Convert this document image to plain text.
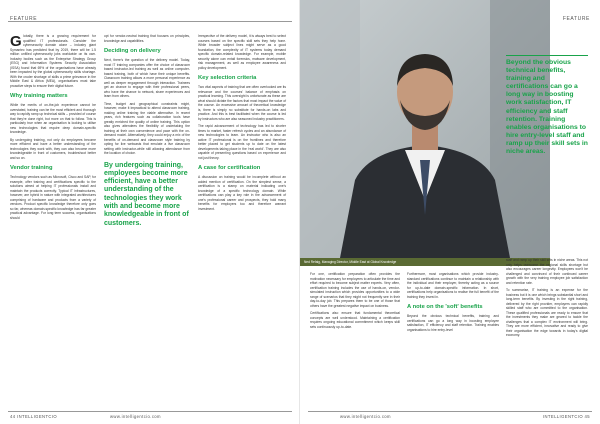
FEATURE

Globally, there is a growing requirement for qualified IT professionals. Consider the cybersecurity domain alone – industry giant Symantec has predicted that by 2019, there will be 1.5 million unfilled cybersecurity jobs worldwide on its own. Industry bodies such as the Enterprise Strategy Group (ESG) and Information Systems Security Association (ISSA) found that 69% of the organisations have already been impacted by the global cybersecurity skills shortage. With the cruder shortage of skills a prime grievance in the Middle East & Africa (MEA), organisations must take proactive steps to ensure their digital future.

Why training matters

While the merits of on-the-job experience cannot be overstated, training can be the most efficient and thorough way to rapidly ramp up technical skills – provided of course that they're done right, but more on that to follow. This is particularly true when an organisation is looking to utilise new technologies that require deep domain-specific knowledge.

By undergoing training, not only do employees become more efficient and have a better understanding of the technologies they work with, they can also become more knowledgeable in front of customers, troubleshoot better and so on.

Vendor training

Technology vendors such as Microsoft, Cisco and SAP, for example, offer training and certifications specific to the solutions aimed at helping IT professionals install and maintain the products correctly. Typical IT infrastructures, however, are hybrid in nature with integrated architectures comprising of hardware and products from a variety of vendors. Product specific knowledge therefore only goes so far, whereas domain-specific knowledge has far greater practical advantage. For long term success, organisations should

opt for vendor-neutral training that focuses on principles, knowledge and capabilities.

Deciding on delivery

Next, there's the question of the delivery model. Today, most IT training companies offer the choice of classroom based instructor-led training as well as online computer-based training, both of which have their unique benefits. Classroom training allows a more personal experience as well as deeper engagement through interaction. Trainees get an chance to engage with their professional peers, who have the chance to network, share experiences and learn from others.

Time, budget and geographical constraints might, however, make it impractical to attend classroom training, making online training the viable alternative. In recent years, rich features such as collaboration tools have greatly enriched the quality of online training. This option also gives attendees the flexibility of undertaking the training at their own convenience and pace with the on-demand model. Alternatively, they could enjoy a mix of the benefits of on-demand and classroom style training by opting for live webcasts that emulate a live classroom setting with instructor-while still allowing attendance from the location of choice.

By undergoing training, employees become more efficient, have a better understanding of the technologies they work with and become more knowledgeable in front of customers.

Irrespective of the delivery model, it is always best to select courses based on the specific skill sets they help hone. While broader subject lines might serve as a good foundation, the complexity of IT systems today demand specific domain-related knowledge. For example, mobile security alone can entail forensics, malware development, risk management, as well as employee awareness and policy development.

Key selection criteria

Two vital aspects of training that are often overlooked are its relevance and the courses' balance of emphasis on practical learning. This oversight is unfortunate as these are what should dictate the factors that most impact the value of the course. An excessive amount of theoretical knowledge is, there is simply no substitute for hands-on labs and practice. And this is best facilitated when the course is led by instructors who are also seasoned industry practitioners.

The rapid advancement of technology has led to shorter times to market, faster refresh cycles and an abundance of new technologies to learn. An instructor who is also an active IT professional is on the frontlines and therefore better placed to get students up to date on the latest developments taking place in the 'real world'. They are also capable of presenting questions based on experience and not just theory.

A case for certification

A discussion on training would be incomplete without an added mention of certification. On the simplest sense, a certification is a stamp on material indicating one's knowledge of a specific technology domain. While certifications can play a key role in the advancement of one's professional career and prospects, they hold many benefits for employers too and therefore warrant investment.

44 INTELLIGENTCIO	www.intelligentcio.com
Ned Refaig, Managing Director, Middle East at Global Knowledge
FEATURE
Beyond the obvious technical benefits, training and certifications can go a long way in boosting work satisfaction, IT efficiency and staff retention. Training enables organisations to hire entry-level staff and ramp up their skill sets in niche areas.

staff and ramp up their skill sets in niche areas. This not only helps overcome the regional skills shortage but also encourages career longevity. Employees won't be challenged and convinced of their continued career growth with the very training employee job satisfaction and retention rate.

To summarise, IT training is an expense for the business but it is one which brings substantial short and long-term benefits. By investing in the right training, delivered by the right provider, employers can rapidly skilled staff who are committed to the organisation. These qualified professionals are ready to ensure that the investments they make are geared to tackle the challenges that a complex IT environment will bring. They are more efficient, innovative and ready to give their organisation the edge towards in today's digital economy.

For one, certification preparation often provides the motivation necessary for employees to articulate the time and effort required to become subject matter experts. Very often, certification training includes the use of hands-on, vendor-simulated instruction which provides opportunities to a wide range of scenarios that they might not frequently see in their day-to-day job. This prepares them to be one of those that others have the greatest negative impact on business.

Certifications also ensure that fundamental theoretical concepts are well understood. Maintaining a certification requires ongoing educational commitment which keeps skill sets continuously up-to-date.

Furthermore, most organisations which provide industry-standard certifications continue to maintain a relationship with the individual and their employer, thereby acting as a source for up-to-date domain-specific information. In short, certifications help organisations to realise the full benefit of the training they invest in.

A note on the 'soft' benefits

Beyond the obvious technical benefits, training and certifications can go a long way in boosting employee satisfaction, IT efficiency and staff retention. Training enables organisations to hire entry-level

www.intelligentcio.com	INTELLIGENTCIO 45
